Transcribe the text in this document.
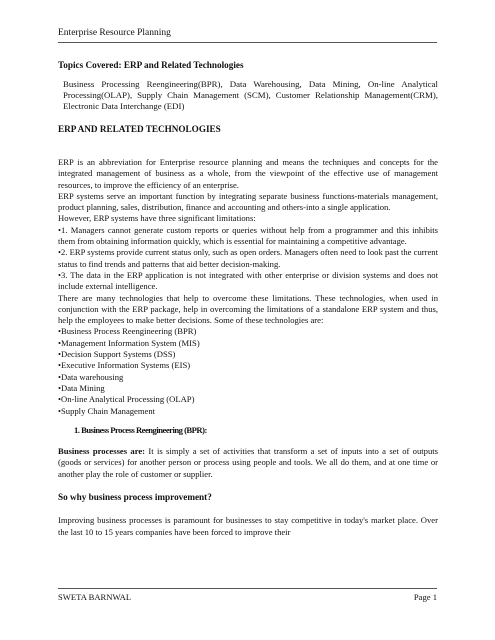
Enterprise Resource Planning

Topics Covered: ERP and Related Technologies

Business Processing Reengineering(BPR), Data Warehousing, Data Mining, On-line Analytical Processing(OLAP), Supply Chain Management (SCM), Customer Relationship Management(CRM), Electronic Data Interchange (EDI)

ERP AND RELATED TECHNOLOGIES

ERP is an abbreviation for Enterprise resource planning and means the techniques and concepts for the integrated management of business as a whole, from the viewpoint of the effective use of management resources, to improve the efficiency of an enterprise.

ERP systems serve an important function by integrating separate business functions-materials management, product planning, sales, distribution, finance and accounting and others-into a single application.

However, ERP systems have three significant limitations:

•1. Managers cannot generate custom reports or queries without help from a programmer and this inhibits them from obtaining information quickly, which is essential for maintaining a competitive advantage.

•2. ERP systems provide current status only, such as open orders. Managers often need to look past the current status to find trends and patterns that aid better decision-making.

•3. The data in the ERP application is not integrated with other enterprise or division systems and does not include external intelligence.

There are many technologies that help to overcome these limitations. These technologies, when used in conjunction with the ERP package, help in overcoming the limitations of a standalone ERP system and thus, help the employees to make better decisions. Some of these technologies are:

•Business Process Reengineering (BPR)
•Management Information System (MIS)
•Decision Support Systems (DSS)
•Executive Information Systems (EIS)
•Data warehousing
•Data Mining
•On-line Analytical Processing (OLAP)
•Supply Chain Management

1. Business Process Reengineering (BPR):

Business processes are: It is simply a set of activities that transform a set of inputs into a set of outputs (goods or services) for another person or process using people and tools. We all do them, and at one time or another play the role of customer or supplier.

So why business process improvement?

Improving business processes is paramount for businesses to stay competitive in today's market place. Over the last 10 to 15 years companies have been forced to improve their

SWETA BARNWAL	Page 1
